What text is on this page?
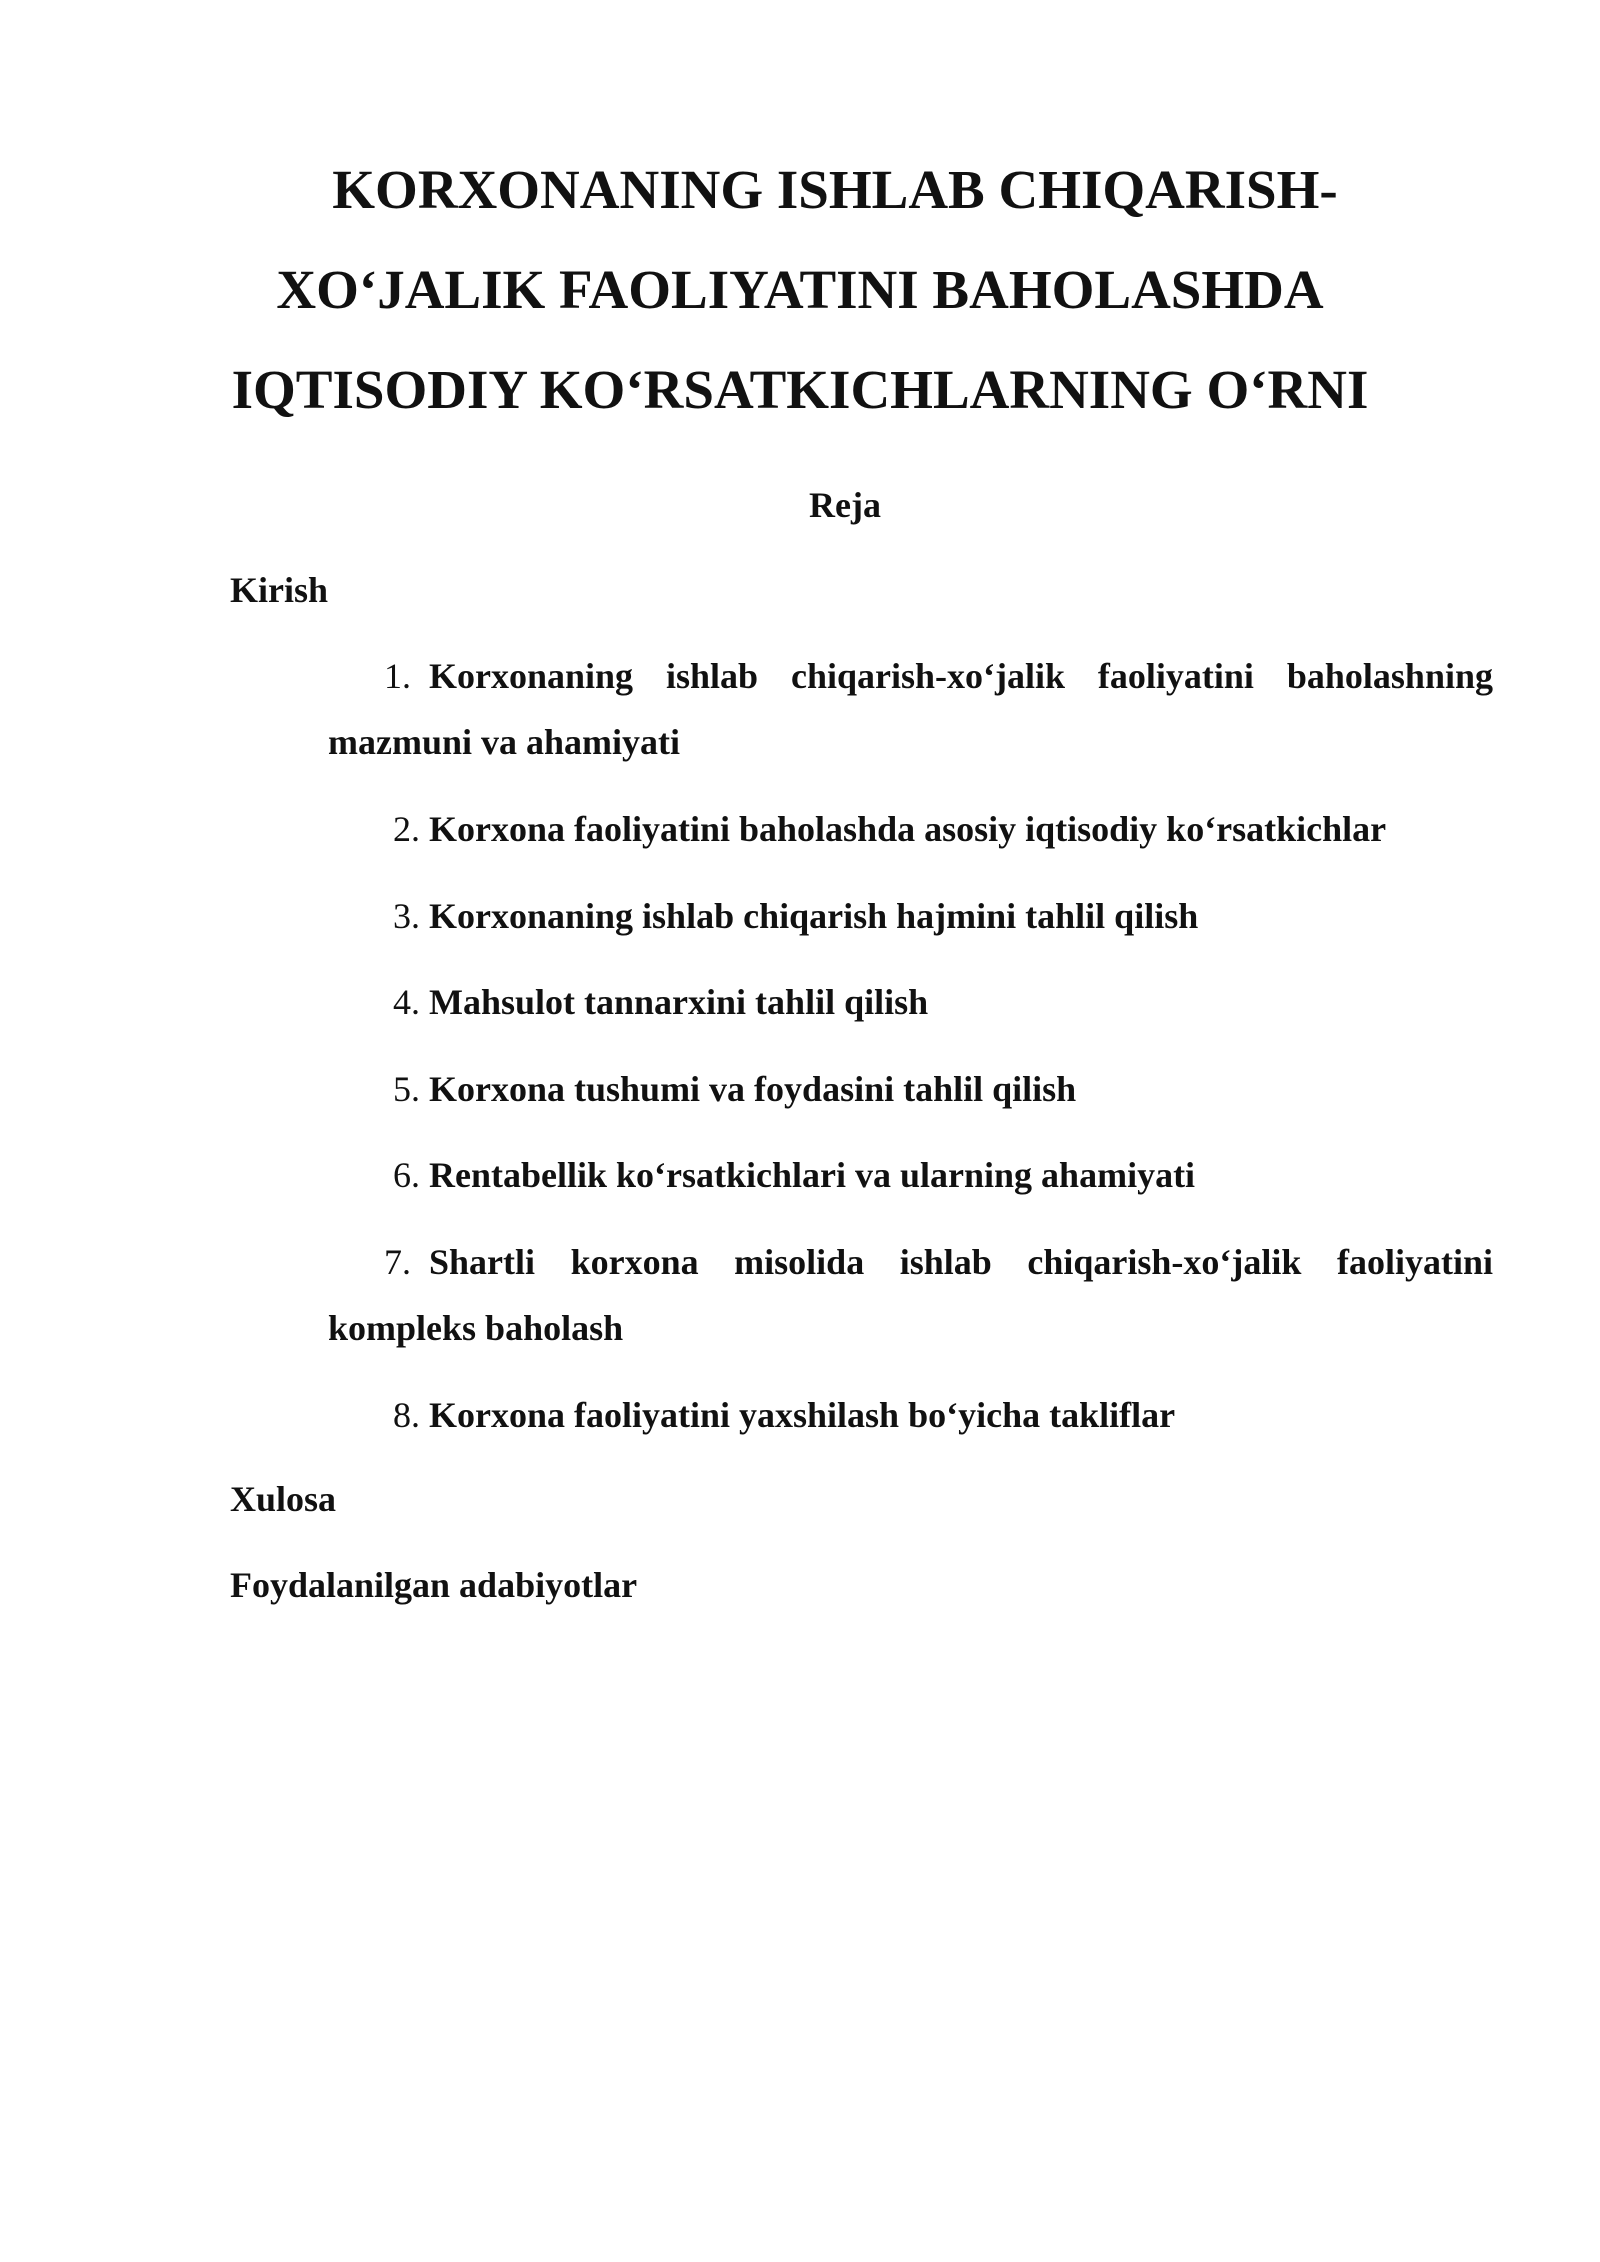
KORXONANING ISHLAB CHIQARISH-
XO‘JALIK FAOLIYATINI BAHOLASHDA
IQTISODIY KO‘RSATKICHLARNING O‘RNI
Reja
Kirish
1. Korxonaning ishlab chiqarish-xo‘jalik faoliyatini baholashning mazmuni va ahamiyati
2. Korxona faoliyatini baholashda asosiy iqtisodiy ko‘rsatkichlar
3. Korxonaning ishlab chiqarish hajmini tahlil qilish
4. Mahsulot tannarxini tahlil qilish
5. Korxona tushumi va foydasini tahlil qilish
6. Rentabellik ko‘rsatkichlari va ularning ahamiyati
7. Shartli korxona misolida ishlab chiqarish-xo‘jalik faoliyatini kompleks baholash
8. Korxona faoliyatini yaxshilash bo‘yicha takliflar
Xulosa
Foydalanilgan adabiyotlar
